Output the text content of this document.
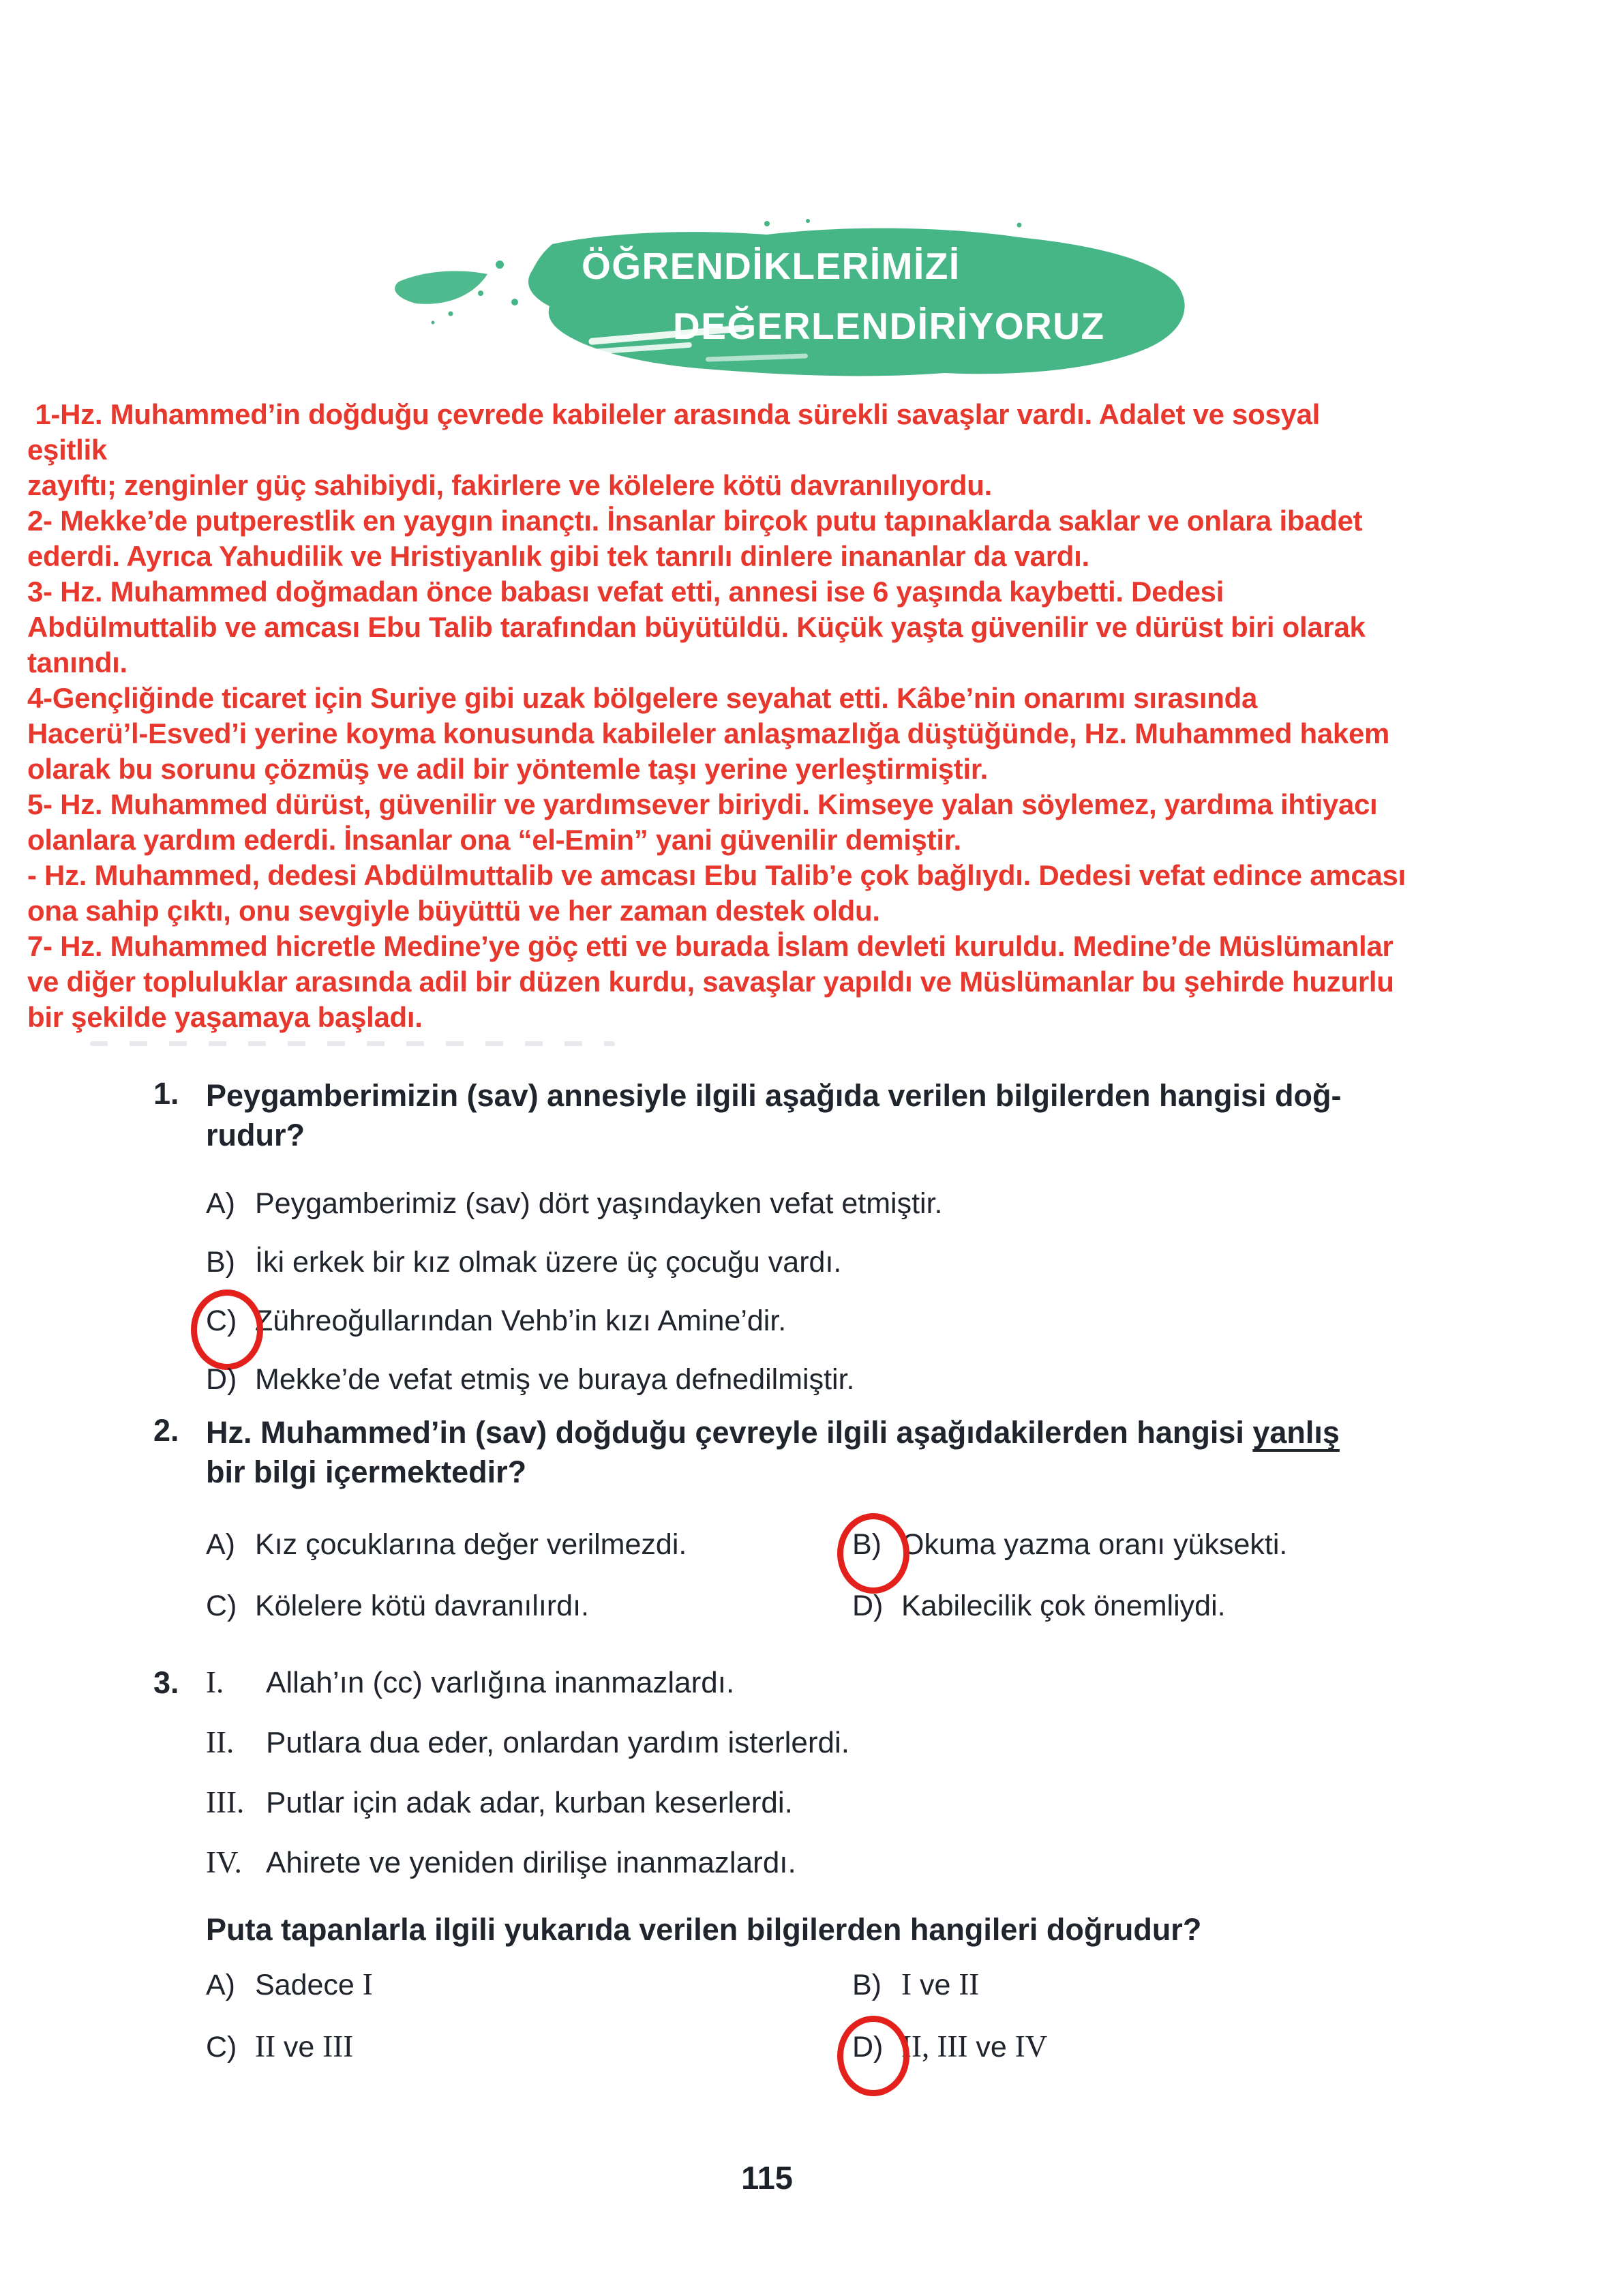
ÖĞRENDİKLERİMİZİ
DEĞERLENDİRİYORUZ
1-Hz. Muhammed’in doğduğu çevrede kabileler arasında sürekli savaşlar vardı. Adalet ve sosyal
eşitlik
zayıftı; zenginler güç sahibiydi, fakirlere ve kölelere kötü davranılıyordu.
2- Mekke’de putperestlik en yaygın inançtı. İnsanlar birçok putu tapınaklarda saklar ve onlara ibadet
ederdi. Ayrıca Yahudilik ve Hristiyanlık gibi tek tanrılı dinlere inananlar da vardı.
3- Hz. Muhammed doğmadan önce babası vefat etti, annesi ise 6 yaşında kaybetti. Dedesi
Abdülmuttalib ve amcası Ebu Talib tarafından büyütüldü. Küçük yaşta güvenilir ve dürüst biri olarak
tanındı.
4-Gençliğinde ticaret için Suriye gibi uzak bölgelere seyahat etti. Kâbe’nin onarımı sırasında
Hacerü’l-Esved’i yerine koyma konusunda kabileler anlaşmazlığa düştüğünde, Hz. Muhammed hakem
olarak bu sorunu çözmüş ve adil bir yöntemle taşı yerine yerleştirmiştir.
5- Hz. Muhammed dürüst, güvenilir ve yardımsever biriydi. Kimseye yalan söylemez, yardıma ihtiyacı
olanlara yardım ederdi. İnsanlar ona “el-Emin” yani güvenilir demiştir.
- Hz. Muhammed, dedesi Abdülmuttalib ve amcası Ebu Talib’e çok bağlıydı. Dedesi vefat edince amcası
ona sahip çıktı, onu sevgiyle büyüttü ve her zaman destek oldu.
7- Hz. Muhammed hicretle Medine’ye göç etti ve burada İslam devleti kuruldu. Medine’de Müslümanlar
ve diğer topluluklar arasında adil bir düzen kurdu, savaşlar yapıldı ve Müslümanlar bu şehirde huzurlu
bir şekilde yaşamaya başladı.
1. Peygamberimizin (sav) annesiyle ilgili aşağıda verilen bilgilerden hangisi doğ-
rudur?
A) Peygamberimiz (sav) dört yaşındayken vefat etmiştir.
B) İki erkek bir kız olmak üzere üç çocuğu vardı.
C) Zühreoğullarından Vehb’in kızı Amine’dir.
D) Mekke’de vefat etmiş ve buraya defnedilmiştir.
2. Hz. Muhammed’in (sav) doğduğu çevreyle ilgili aşağıdakilerden hangisi yanlış
bir bilgi içermektedir?
A) Kız çocuklarına değer verilmezdi.	B) Okuma yazma oranı yüksekti.
C) Kölelere kötü davranılırdı.	D) Kabilecilik çok önemliydi.
3. I.	Allah’ın (cc) varlığına inanmazlardı.
II.	Putlara dua eder, onlardan yardım isterlerdi.
III. Putlar için adak adar, kurban keserlerdi.
IV. Ahirete ve yeniden dirilişe inanmazlardı.
Puta tapanlarla ilgili yukarıda verilen bilgilerden hangileri doğrudur?
A) Sadece I	B) I ve II
C) II ve III	D) II, III ve IV
115
